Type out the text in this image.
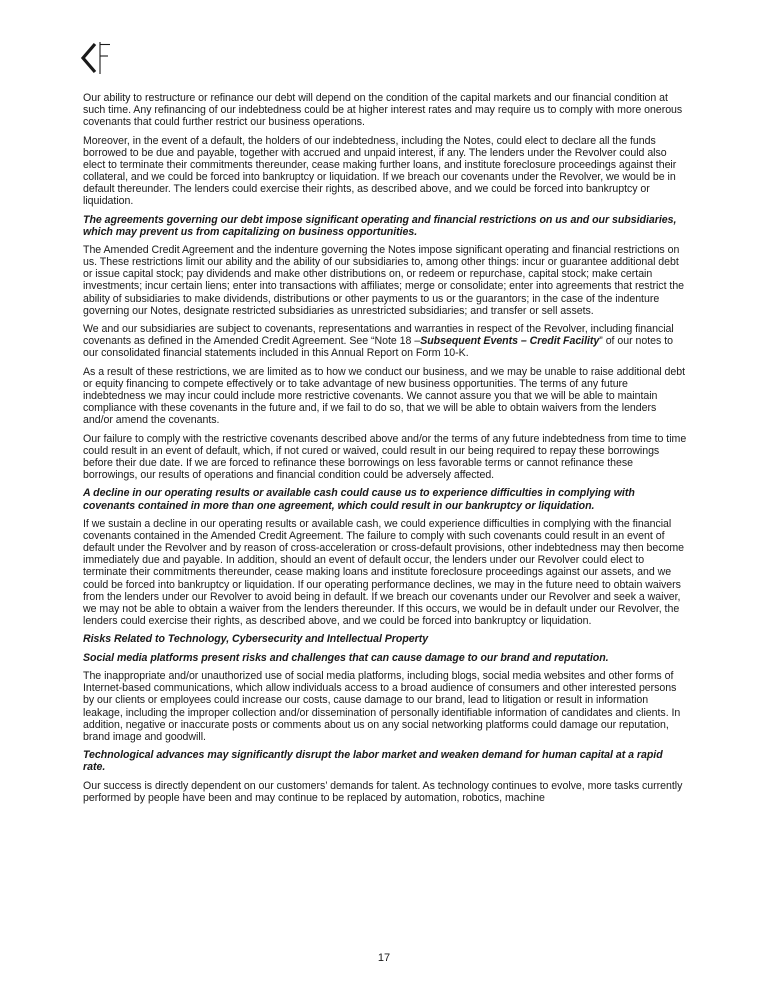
Our ability to restructure or refinance our debt will depend on the condition of the capital markets and our financial condition at such time. Any refinancing of our indebtedness could be at higher interest rates and may require us to comply with more onerous covenants that could further restrict our business operations.

Moreover, in the event of a default, the holders of our indebtedness, including the Notes, could elect to declare all the funds borrowed to be due and payable, together with accrued and unpaid interest, if any. The lenders under the Revolver could also elect to terminate their commitments thereunder, cease making further loans, and institute foreclosure proceedings against their collateral, and we could be forced into bankruptcy or liquidation. If we breach our covenants under the Revolver, we would be in default thereunder. The lenders could exercise their rights, as described above, and we could be forced into bankruptcy or liquidation.

The agreements governing our debt impose significant operating and financial restrictions on us and our subsidiaries, which may prevent us from capitalizing on business opportunities.

The Amended Credit Agreement and the indenture governing the Notes impose significant operating and financial restrictions on us. These restrictions limit our ability and the ability of our subsidiaries to, among other things: incur or guarantee additional debt or issue capital stock; pay dividends and make other distributions on, or redeem or repurchase, capital stock; make certain investments; incur certain liens; enter into transactions with affiliates; merge or consolidate; enter into agreements that restrict the ability of subsidiaries to make dividends, distributions or other payments to us or the guarantors; in the case of the indenture governing our Notes, designate restricted subsidiaries as unrestricted subsidiaries; and transfer or sell assets.

We and our subsidiaries are subject to covenants, representations and warranties in respect of the Revolver, including financial covenants as defined in the Amended Credit Agreement. See “Note 18 –Subsequent Events – Credit Facility” of our notes to our consolidated financial statements included in this Annual Report on Form 10-K.

As a result of these restrictions, we are limited as to how we conduct our business, and we may be unable to raise additional debt or equity financing to compete effectively or to take advantage of new business opportunities. The terms of any future indebtedness we may incur could include more restrictive covenants. We cannot assure you that we will be able to maintain compliance with these covenants in the future and, if we fail to do so, that we will be able to obtain waivers from the lenders and/or amend the covenants.

Our failure to comply with the restrictive covenants described above and/or the terms of any future indebtedness from time to time could result in an event of default, which, if not cured or waived, could result in our being required to repay these borrowings before their due date. If we are forced to refinance these borrowings on less favorable terms or cannot refinance these borrowings, our results of operations and financial condition could be adversely affected.

A decline in our operating results or available cash could cause us to experience difficulties in complying with covenants contained in more than one agreement, which could result in our bankruptcy or liquidation.

If we sustain a decline in our operating results or available cash, we could experience difficulties in complying with the financial covenants contained in the Amended Credit Agreement. The failure to comply with such covenants could result in an event of default under the Revolver and by reason of cross-acceleration or cross-default provisions, other indebtedness may then become immediately due and payable. In addition, should an event of default occur, the lenders under our Revolver could elect to terminate their commitments thereunder, cease making loans and institute foreclosure proceedings against our assets, and we could be forced into bankruptcy or liquidation. If our operating performance declines, we may in the future need to obtain waivers from the lenders under our Revolver to avoid being in default. If we breach our covenants under our Revolver and seek a waiver, we may not be able to obtain a waiver from the lenders thereunder. If this occurs, we would be in default under our Revolver, the lenders could exercise their rights, as described above, and we could be forced into bankruptcy or liquidation.

Risks Related to Technology, Cybersecurity and Intellectual Property

Social media platforms present risks and challenges that can cause damage to our brand and reputation.

The inappropriate and/or unauthorized use of social media platforms, including blogs, social media websites and other forms of Internet-based communications, which allow individuals access to a broad audience of consumers and other interested persons by our clients or employees could increase our costs, cause damage to our brand, lead to litigation or result in information leakage, including the improper collection and/or dissemination of personally identifiable information of candidates and clients. In addition, negative or inaccurate posts or comments about us on any social networking platforms could damage our reputation, brand image and goodwill.

Technological advances may significantly disrupt the labor market and weaken demand for human capital at a rapid rate.

Our success is directly dependent on our customers’ demands for talent. As technology continues to evolve, more tasks currently performed by people have been and may continue to be replaced by automation, robotics, machine

17
